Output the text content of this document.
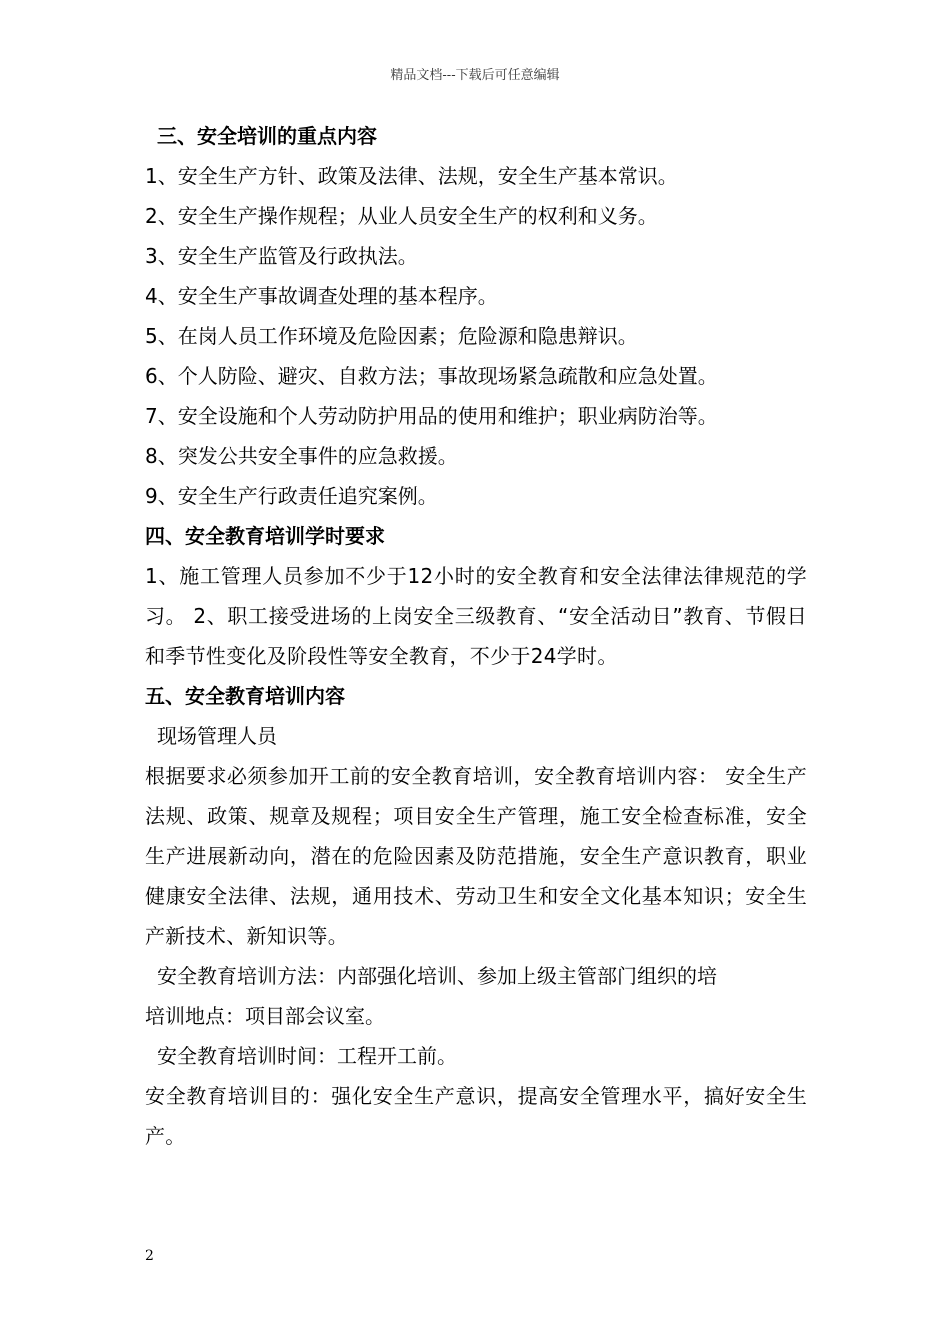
精品文档---下载后可任意编辑
三、安全培训的重点内容
1、安全生产方针、政策及法律、法规，安全生产基本常识。
2、安全生产操作规程；从业人员安全生产的权利和义务。
3、安全生产监管及行政执法。
4、安全生产事故调查处理的基本程序。
5、在岗人员工作环境及危险因素；危险源和隐患辩识。
6、个人防险、避灾、自救方法；事故现场紧急疏散和应急处置。
7、安全设施和个人劳动防护用品的使用和维护；职业病防治等。
8、突发公共安全事件的应急救援。
9、安全生产行政责任追究案例。
四、安全教育培训学时要求
1、施工管理人员参加不少于12小时的安全教育和安全法律法律规范的学习。 2、职工接受进场的上岗安全三级教育、“安全活动日”教育、节假日和季节性变化及阶段性等安全教育，不少于24学时。
五、安全教育培训内容
现场管理人员
根据要求必须参加开工前的安全教育培训，安全教育培训内容： 安全生产法规、政策、规章及规程；项目安全生产管理，施工安全检查标准，安全生产进展新动向，潜在的危险因素及防范措施，安全生产意识教育，职业健康安全法律、法规，通用技术、劳动卫生和安全文化基本知识；安全生产新技术、新知识等。
安全教育培训方法：内部强化培训、参加上级主管部门组织的培
培训地点：项目部会议室。
安全教育培训时间：工程开工前。
安全教育培训目的：强化安全生产意识，提高安全管理水平，搞好安全生产。
2
